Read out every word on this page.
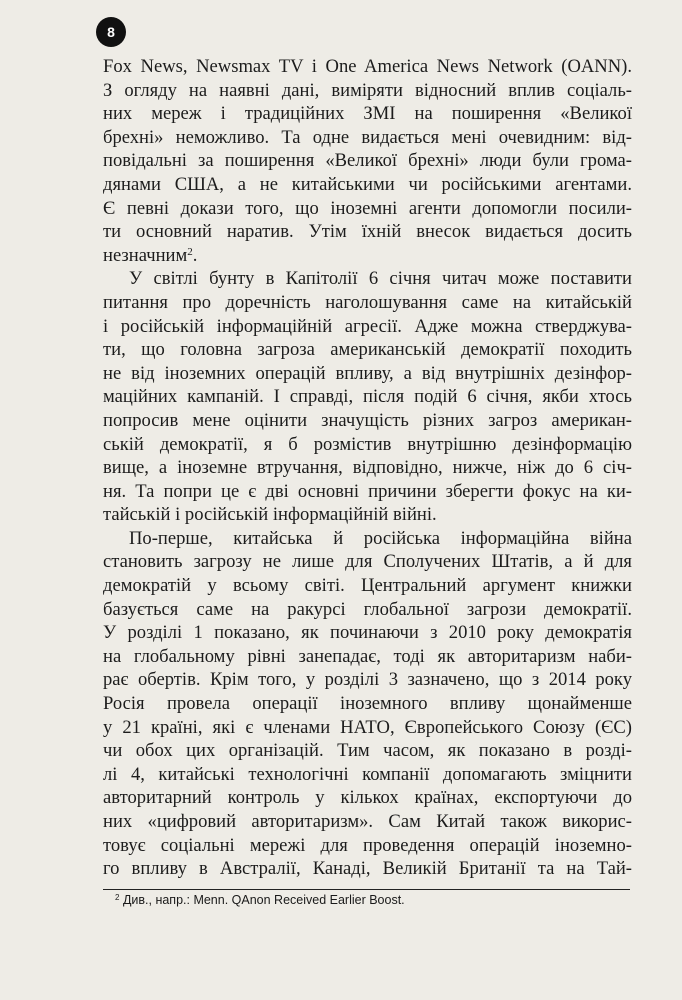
8

Fox News, Newsmax TV і One America News Network (OANN).
З огляду на наявні дані, виміряти відносний вплив соціаль-
них мереж і традиційних ЗМІ на поширення «Великої
брехні» неможливо. Та одне видається мені очевидним: від-
повідальні за поширення «Великої брехні» люди були грома-
дянами США, а не китайськими чи російськими агентами.
Є певні докази того, що іноземні агенти допомогли посили-
ти основний наратив. Утім їхній внесок видається досить
незначним$^2$.

У світлі бунту в Капітолії 6 січня читач може поставити
питання про доречність наголошування саме на китайській
і російській інформаційній агресії. Адже можна стверджува-
ти, що головна загроза американській демократії походить
не від іноземних операцій впливу, а від внутрішніх дезінфор-
маційних кампаній. І справді, після подій 6 січня, якби хтось
попросив мене оцінити значущість різних загроз американ-
ській демократії, я б розмістив внутрішню дезінформацію
вище, а іноземне втручання, відповідно, нижче, ніж до 6 січ-
ня. Та попри це є дві основні причини зберегти фокус на ки-
тайській і російській інформаційній війні.

По-перше, китайська й російська інформаційна війна
становить загрозу не лише для Сполучених Штатів, а й для
демократій у всьому світі. Центральний аргумент книжки
базується саме на ракурсі глобальної загрози демократії.
У розділі 1 показано, як починаючи з 2010 року демократія
на глобальному рівні занепадає, тоді як авторитаризм наби-
рає обертів. Крім того, у розділі 3 зазначено, що з 2014 року
Росія провела операції іноземного впливу щонайменше
у 21 країні, які є членами НАТО, Європейського Союзу (ЄС)
чи обох цих організацій. Тим часом, як показано в розді-
лі 4, китайські технологічні компанії допомагають зміцнити
авторитарний контроль у кількох країнах, експортуючи до
них «цифровий авторитаризм». Сам Китай також викорис-
товує соціальні мережі для проведення операцій іноземно-
го впливу в Австралії, Канаді, Великій Британії та на Тай-

$^2$ Див., напр.: Menn. QAnon Received Earlier Boost.
